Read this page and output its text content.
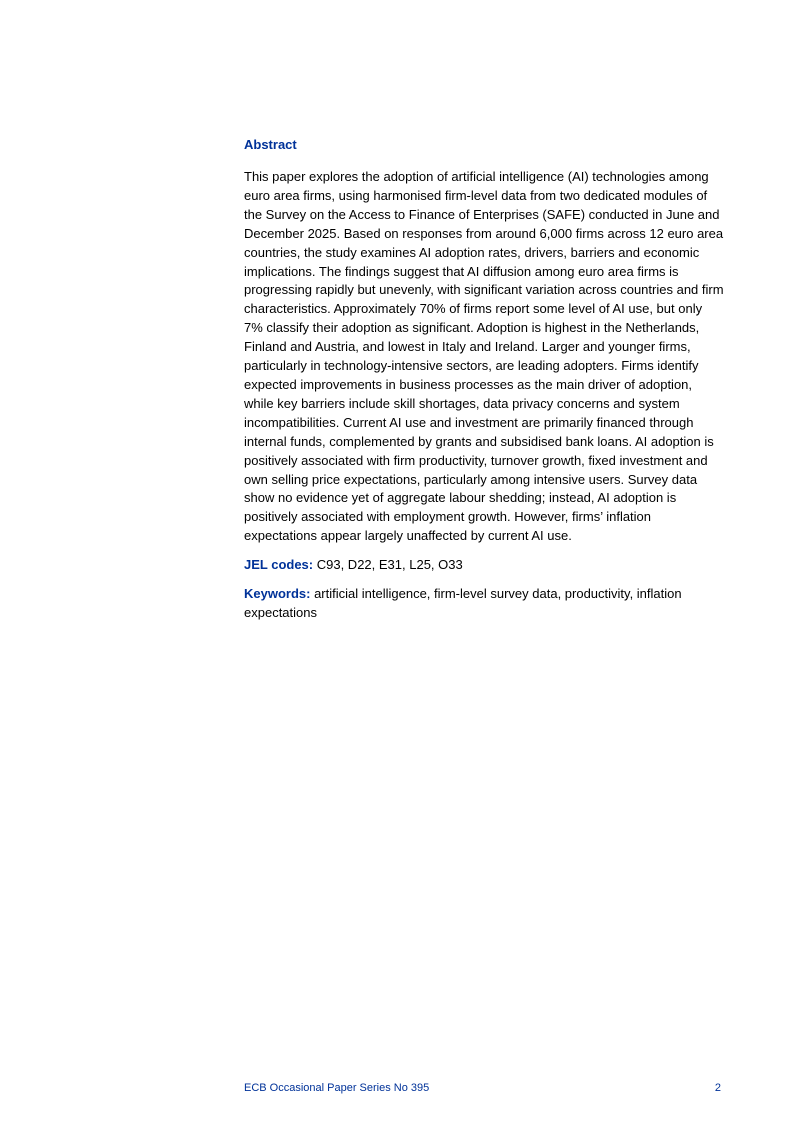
Abstract

This paper explores the adoption of artificial intelligence (AI) technologies among euro area firms, using harmonised firm-level data from two dedicated modules of the Survey on the Access to Finance of Enterprises (SAFE) conducted in June and December 2025. Based on responses from around 6,000 firms across 12 euro area countries, the study examines AI adoption rates, drivers, barriers and economic implications. The findings suggest that AI diffusion among euro area firms is progressing rapidly but unevenly, with significant variation across countries and firm characteristics. Approximately 70% of firms report some level of AI use, but only 7% classify their adoption as significant. Adoption is highest in the Netherlands, Finland and Austria, and lowest in Italy and Ireland. Larger and younger firms, particularly in technology-intensive sectors, are leading adopters. Firms identify expected improvements in business processes as the main driver of adoption, while key barriers include skill shortages, data privacy concerns and system incompatibilities. Current AI use and investment are primarily financed through internal funds, complemented by grants and subsidised bank loans. AI adoption is positively associated with firm productivity, turnover growth, fixed investment and own selling price expectations, particularly among intensive users. Survey data show no evidence yet of aggregate labour shedding; instead, AI adoption is positively associated with employment growth. However, firms’ inflation expectations appear largely unaffected by current AI use.

JEL codes: C93, D22, E31, L25, O33

Keywords: artificial intelligence, firm-level survey data, productivity, inflation expectations

ECB Occasional Paper Series No 395	2
